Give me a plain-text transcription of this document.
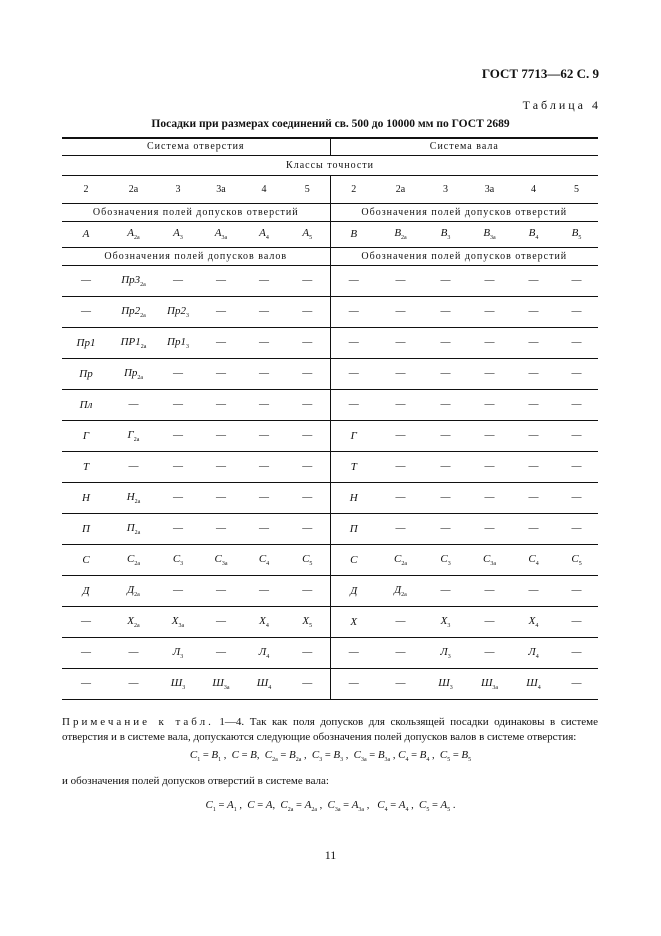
ГОСТ 7713—62 С. 9
Таблица 4
Посадки при размерах соединений св. 500 до 10000 мм по ГОСТ 2689
Система отверстия						Система вала					
Классы точности											
2	2а	3	3а	4	5	2	2а	3	3а	4	5
Обозначения полей допусков отверстий						Обозначения полей допусков отверстий					
А	$А_{2а}$	$А_3$	$А_{3а}$	$А_4$	$А_5$	В	$В_{2а}$	$В_3$	$В_{3а}$	$В_4$	$В_5$
Обозначения полей допусков валов						Обозначения полей допусков отверстий					
—	$Пр3_{2а}$	—	—	—	—	—	—	—	—	—	—
—	$Пр2_{2а}$	$Пр2_3$	—	—	—	—	—	—	—	—	—
Пр1	$ПР1_{2а}$	$Пр1_3$	—	—	—	—	—	—	—	—	—
Пр	$Пр_{2а}$	—	—	—	—	—	—	—	—	—	—
Пл	—	—	—	—	—	—	—	—	—	—	—
Г	$Г_{2а}$	—	—	—	—	Г	—	—	—	—	—
Т	—	—	—	—	—	Т	—	—	—	—	—
Н	$Н_{2а}$	—	—	—	—	Н	—	—	—	—	—
П	$П_{2а}$	—	—	—	—	П	—	—	—	—	—
С	$С_{2а}$	$С_3$	$С_{3а}$	$С_4$	$С_5$	С	$С_{2а}$	$С_3$	$С_{3а}$	$С_4$	$С_5$
Д	$Д_{2а}$	—	—	—	—	Д	$Д_{2а}$	—	—	—	—
—	$Х_{2а}$	$Х_{3а}$	—	$Х_4$	$Х_5$	Х	—	$Х_3$	—	$Х_4$	—
—	—	$Л_3$	—	$Л_4$	—	—	—	$Л_3$	—	$Л_4$	—
—	—	$Ш_3$	$Ш_{3а}$	$Ш_4$	—	—	—	$Ш_3$	$Ш_{3а}$	$Ш_4$	—
Примечание к табл. 1—4. Так как поля допусков для скользящей посадки одинаковы в системе отверстия и в системе вала, допускаются следующие обозначения полей допусков валов в системе отверстия:
$С_1 = В_1$ ,  С = В,  $С_{2а} = В_{2а}$ ,  $С_3 = В_3$ ,  $С_{3а} = В_{3а}$ , $С_4 = В_4$ ,  $С_5 = В_5$
и обозначения полей допусков отверстий в системе вала:
$С_1 = А_1$ ,  С = А,  $С_{2а} = А_{2а}$ ,  $С_{3а} = А_{3а}$ ,   $С_4 = А_4$ ,  $С_5 = А_5$ .
11
